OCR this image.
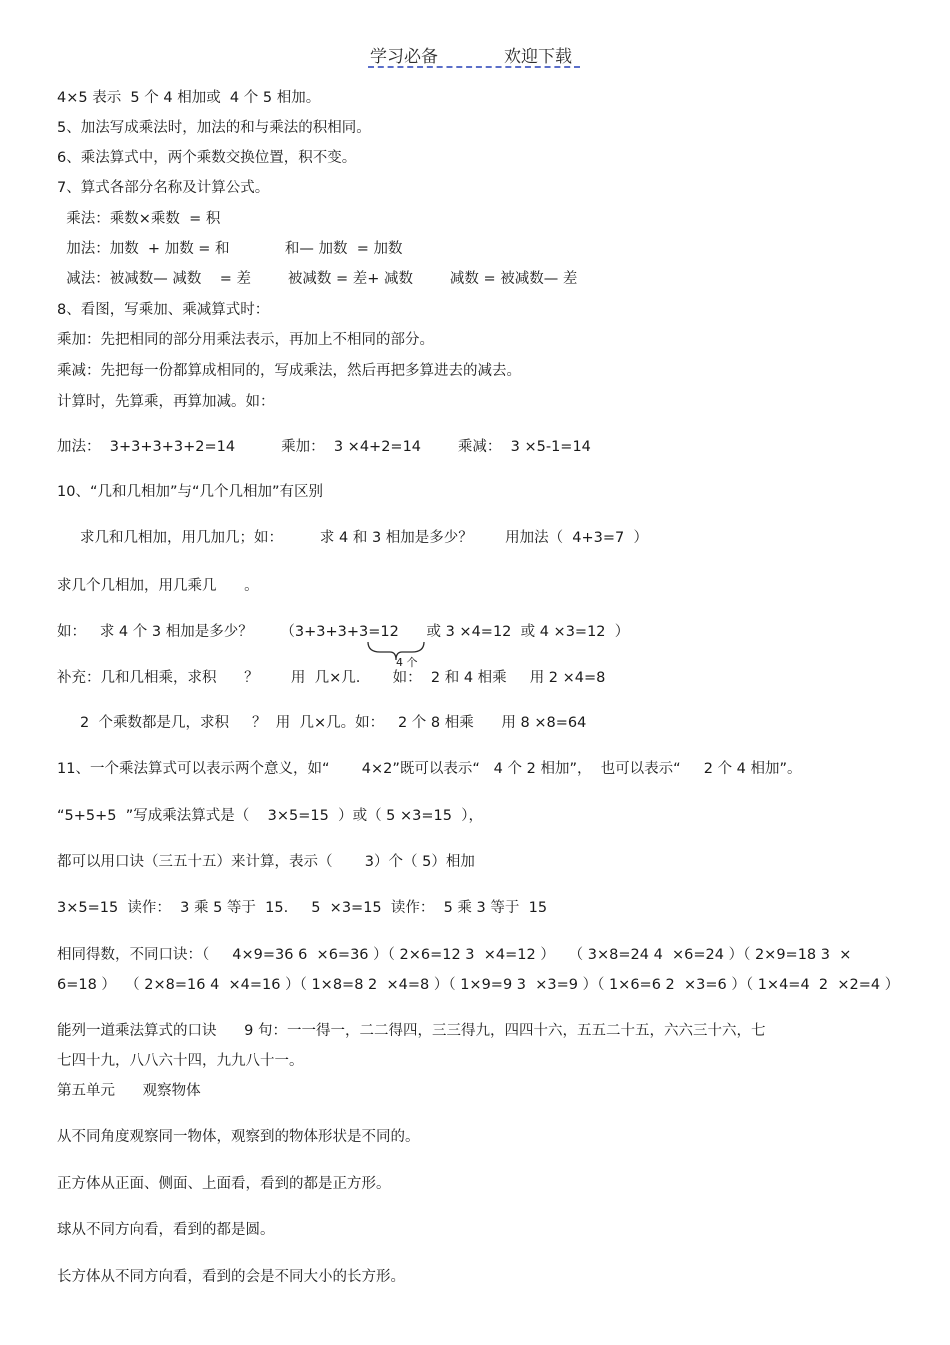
学习必备	欢迎下载
4×5 表示  5 个 4 相加或  4 个 5 相加。
5、加法写成乘法时，加法的和与乘法的积相同。
6、乘法算式中，两个乘数交换位置，积不变。
7、算式各部分名称及计算公式。
乘法：乘数×乘数  = 积
加法：加数  + 加数 = 和            和— 加数  = 加数
减法：被减数— 减数    = 差        被减数 = 差+ 减数        减数 = 被减数— 差
8、看图，写乘加、乘减算式时：
乘加：先把相同的部分用乘法表示，再加上不相同的部分。
乘减：先把每一份都算成相同的，写成乘法，然后再把多算进去的减去。
计算时，先算乘，再算加减。如：
加法：  3+3+3+3+2=14          乘加：  3 ×4+2=14        乘减：  3 ×5-1=14
10、“几和几相加”与“几个几相加”有区别
求几和几相加，用几加几；如：        求 4 和 3 相加是多少？       用加法（  4+3=7  ）
求几个几相加，用几乘几      。
如：   求 4 个 3 相加是多少？      （3+3+3+3=12      或 3 ×4=12  或 4 ×3=12  ）
4 个
补充：几和几相乘，求积      ？       用  几×几.       如：  2 和 4 相乘     用 2 ×4=8
2  个乘数都是几，求积     ？  用  几×几。如：   2 个 8 相乘      用 8 ×8=64
11、一个乘法算式可以表示两个意义，如“       4×2”既可以表示“   4 个 2 相加”，  也可以表示“     2 个 4 相加”。
“5+5+5  ”写成乘法算式是（    3×5=15  ）或（ 5 ×3=15  ），
都可以用口诀（三五十五）来计算，表示（       3）个（ 5）相加
3×5=15  读作：  3 乘 5 等于  15.     5  ×3=15  读作：  5 乘 3 等于  15
相同得数，不同口诀：（     4×9=36 6  ×6=36 ）（ 2×6=12 3  ×4=12 ）   （ 3×8=24 4  ×6=24 ）（ 2×9=18 3  ×
6=18 ）  （ 2×8=16 4  ×4=16 ）（ 1×8=8 2  ×4=8 ）（ 1×9=9 3  ×3=9 ）（ 1×6=6 2  ×3=6 ）（ 1×4=4  2  ×2=4 ）
能列一道乘法算式的口诀      9 句：一一得一，二二得四，三三得九，四四十六，五五二十五，六六三十六，七
七四十九，八八六十四，九九八十一。
第五单元      观察物体
从不同角度观察同一物体，观察到的物体形状是不同的。
正方体从正面、侧面、上面看，看到的都是正方形。
球从不同方向看，看到的都是圆。
长方体从不同方向看，看到的会是不同大小的长方形。
